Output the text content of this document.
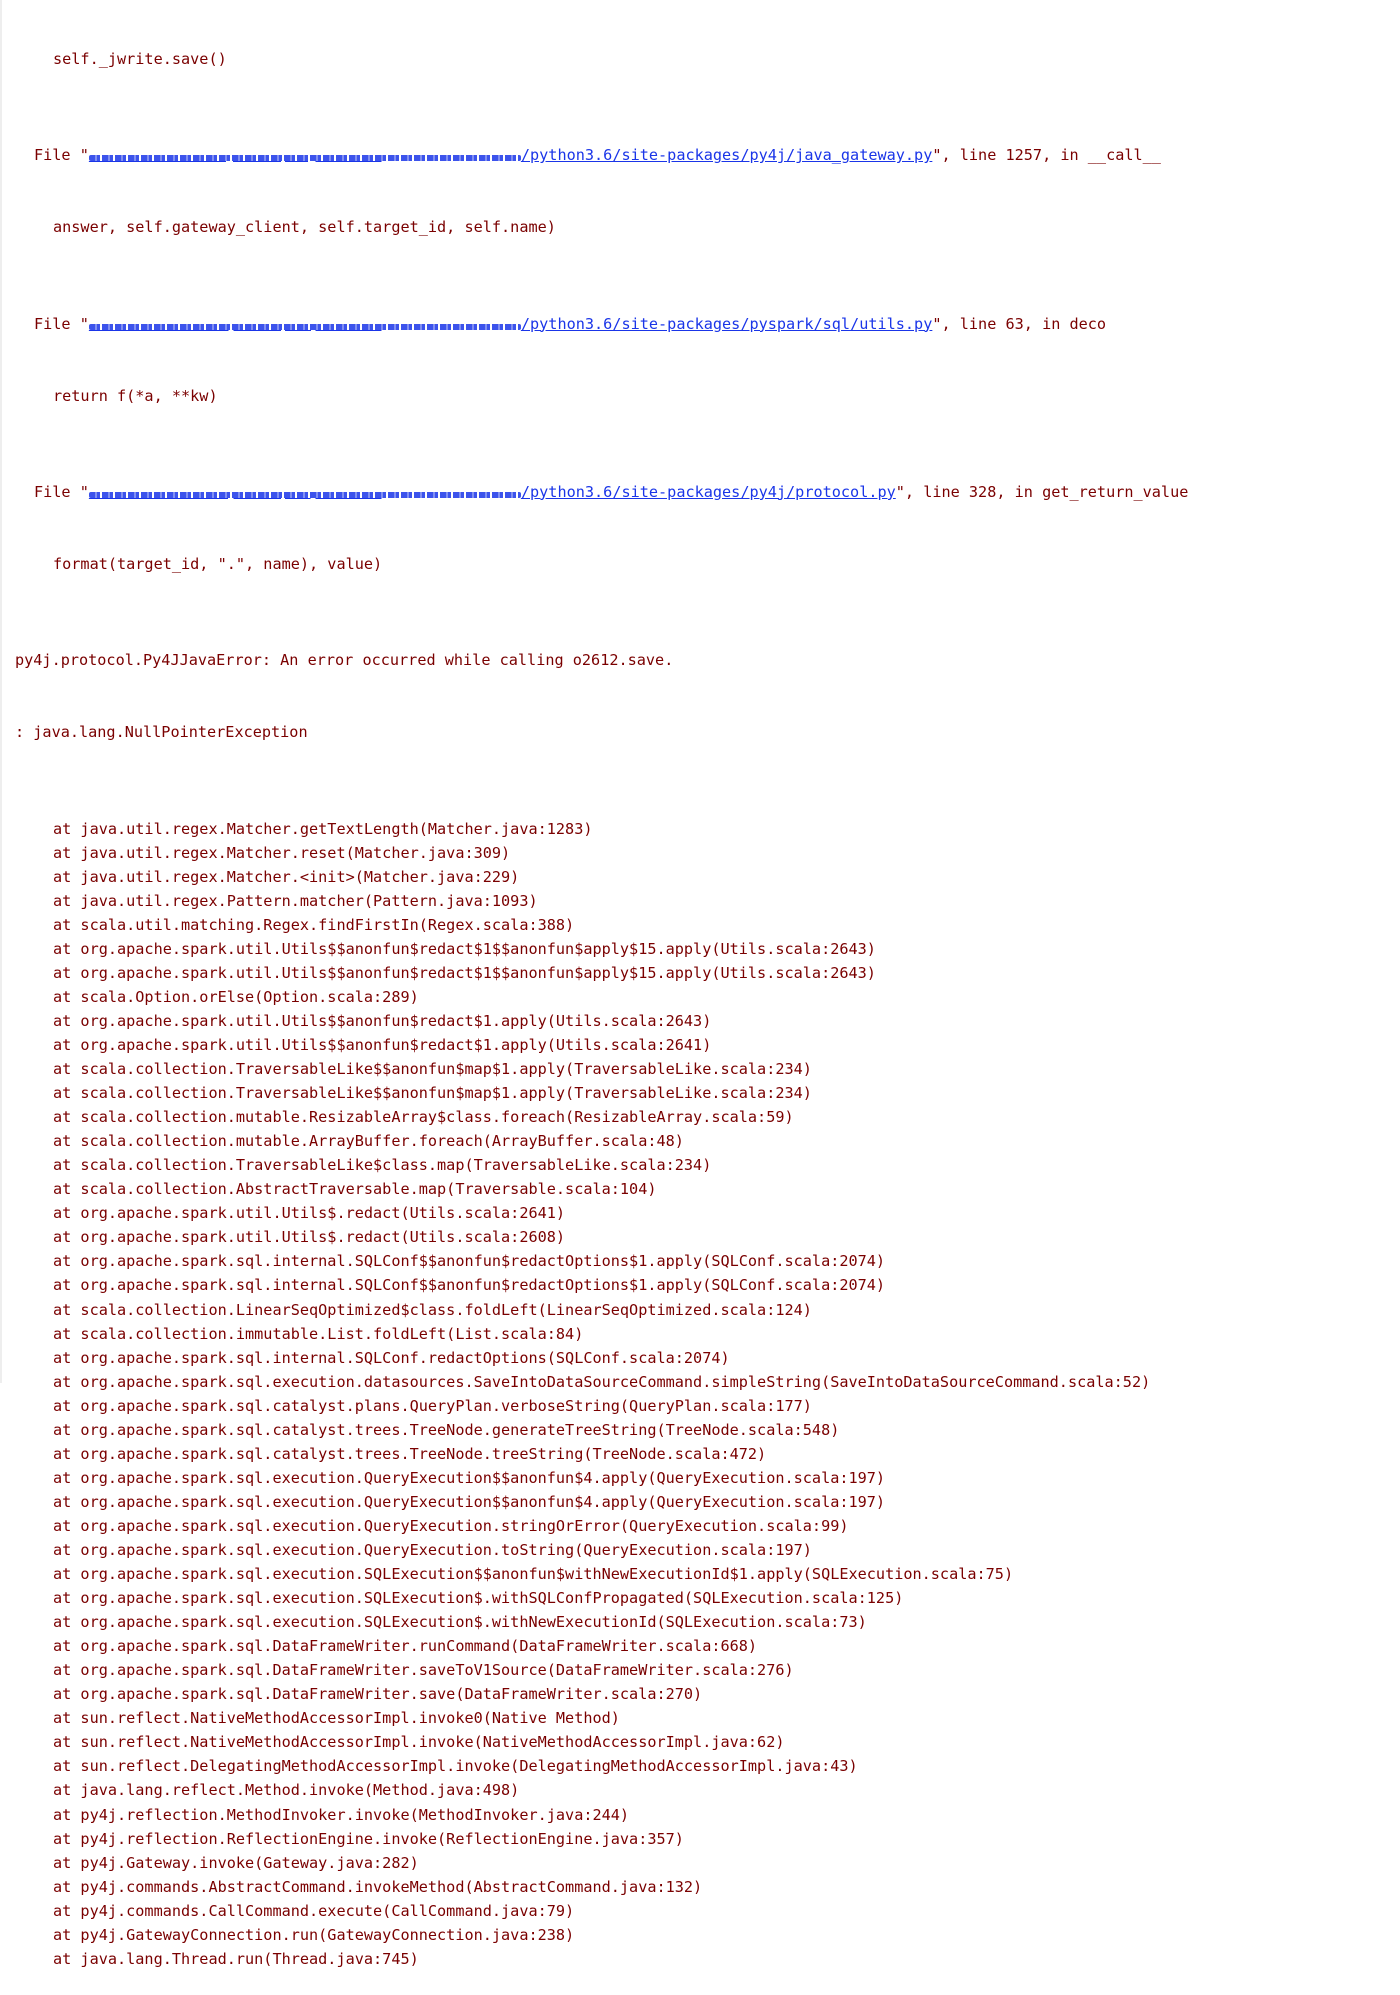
self._jwrite.save()

File "	/python3.6/site-packages/py4j/java_gateway.py", line 1257, in __call__

answer, self.gateway_client, self.target_id, self.name)

File "	/python3.6/site-packages/pyspark/sql/utils.py", line 63, in deco

return f(*a, **kw)

File "	/python3.6/site-packages/py4j/protocol.py", line 328, in get_return_value

format(target_id, ".", name), value)

py4j.protocol.Py4JJavaError: An error occurred while calling o2612.save.

: java.lang.NullPointerException

at java.util.regex.Matcher.getTextLength(Matcher.java:1283)
at java.util.regex.Matcher.reset(Matcher.java:309)
at java.util.regex.Matcher.<init>(Matcher.java:229)
at java.util.regex.Pattern.matcher(Pattern.java:1093)
at scala.util.matching.Regex.findFirstIn(Regex.scala:388)
at org.apache.spark.util.Utils$$anonfun$redact$1$$anonfun$apply$15.apply(Utils.scala:2643)
at org.apache.spark.util.Utils$$anonfun$redact$1$$anonfun$apply$15.apply(Utils.scala:2643)
at scala.Option.orElse(Option.scala:289)
at org.apache.spark.util.Utils$$anonfun$redact$1.apply(Utils.scala:2643)
at org.apache.spark.util.Utils$$anonfun$redact$1.apply(Utils.scala:2641)
at scala.collection.TraversableLike$$anonfun$map$1.apply(TraversableLike.scala:234)
at scala.collection.TraversableLike$$anonfun$map$1.apply(TraversableLike.scala:234)
at scala.collection.mutable.ResizableArray$class.foreach(ResizableArray.scala:59)
at scala.collection.mutable.ArrayBuffer.foreach(ArrayBuffer.scala:48)
at scala.collection.TraversableLike$class.map(TraversableLike.scala:234)
at scala.collection.AbstractTraversable.map(Traversable.scala:104)
at org.apache.spark.util.Utils$.redact(Utils.scala:2641)
at org.apache.spark.util.Utils$.redact(Utils.scala:2608)
at org.apache.spark.sql.internal.SQLConf$$anonfun$redactOptions$1.apply(SQLConf.scala:2074)
at org.apache.spark.sql.internal.SQLConf$$anonfun$redactOptions$1.apply(SQLConf.scala:2074)
at scala.collection.LinearSeqOptimized$class.foldLeft(LinearSeqOptimized.scala:124)
at scala.collection.immutable.List.foldLeft(List.scala:84)
at org.apache.spark.sql.internal.SQLConf.redactOptions(SQLConf.scala:2074)
at org.apache.spark.sql.execution.datasources.SaveIntoDataSourceCommand.simpleString(SaveIntoDataSourceCommand.scala:52)
at org.apache.spark.sql.catalyst.plans.QueryPlan.verboseString(QueryPlan.scala:177)
at org.apache.spark.sql.catalyst.trees.TreeNode.generateTreeString(TreeNode.scala:548)
at org.apache.spark.sql.catalyst.trees.TreeNode.treeString(TreeNode.scala:472)
at org.apache.spark.sql.execution.QueryExecution$$anonfun$4.apply(QueryExecution.scala:197)
at org.apache.spark.sql.execution.QueryExecution$$anonfun$4.apply(QueryExecution.scala:197)
at org.apache.spark.sql.execution.QueryExecution.stringOrError(QueryExecution.scala:99)
at org.apache.spark.sql.execution.QueryExecution.toString(QueryExecution.scala:197)
at org.apache.spark.sql.execution.SQLExecution$$anonfun$withNewExecutionId$1.apply(SQLExecution.scala:75)
at org.apache.spark.sql.execution.SQLExecution$.withSQLConfPropagated(SQLExecution.scala:125)
at org.apache.spark.sql.execution.SQLExecution$.withNewExecutionId(SQLExecution.scala:73)
at org.apache.spark.sql.DataFrameWriter.runCommand(DataFrameWriter.scala:668)
at org.apache.spark.sql.DataFrameWriter.saveToV1Source(DataFrameWriter.scala:276)
at org.apache.spark.sql.DataFrameWriter.save(DataFrameWriter.scala:270)
at sun.reflect.NativeMethodAccessorImpl.invoke0(Native Method)
at sun.reflect.NativeMethodAccessorImpl.invoke(NativeMethodAccessorImpl.java:62)
at sun.reflect.DelegatingMethodAccessorImpl.invoke(DelegatingMethodAccessorImpl.java:43)
at java.lang.reflect.Method.invoke(Method.java:498)
at py4j.reflection.MethodInvoker.invoke(MethodInvoker.java:244)
at py4j.reflection.ReflectionEngine.invoke(ReflectionEngine.java:357)
at py4j.Gateway.invoke(Gateway.java:282)
at py4j.commands.AbstractCommand.invokeMethod(AbstractCommand.java:132)
at py4j.commands.CallCommand.execute(CallCommand.java:79)
at py4j.GatewayConnection.run(GatewayConnection.java:238)
at java.lang.Thread.run(Thread.java:745)
